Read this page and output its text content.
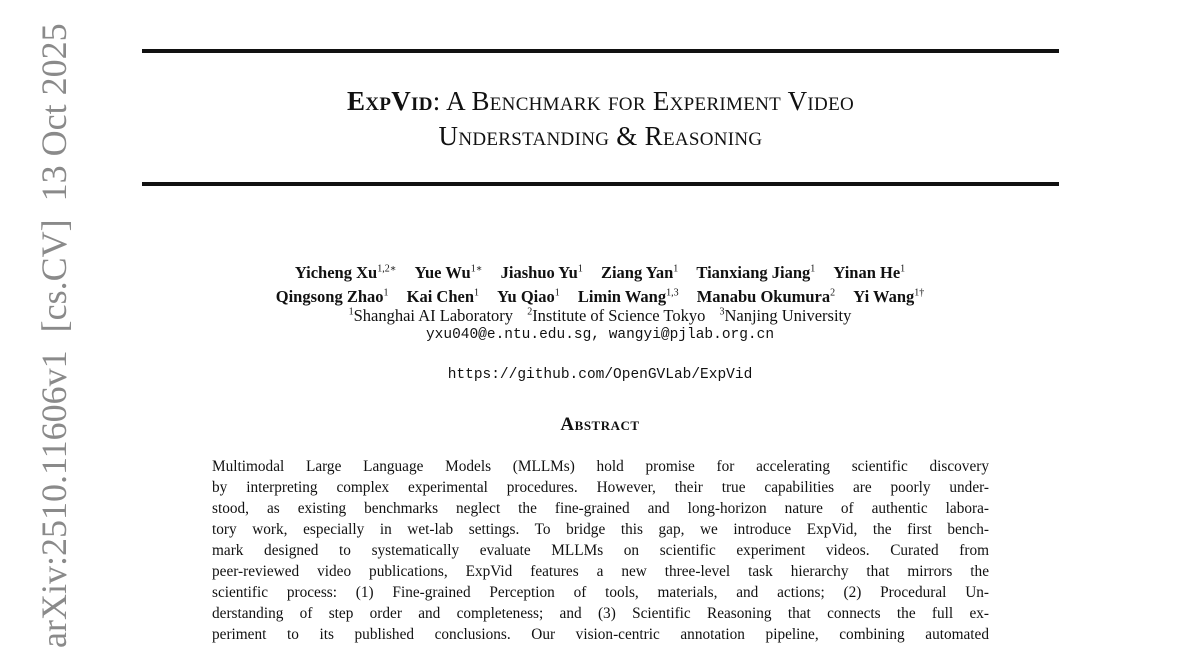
ExpVid: A Benchmark for Experiment Video
Understanding & Reasoning
Yicheng $Xu^{1,2∗}$ Yue $Wu^{1∗}$ Jiashuo Yu$^1$ Ziang Yan$^1$ Tianxiang Jiang$^1$ Yinan He$^1$
Qingsong Zhao$^1$ Kai Chen$^1$ Yu Qiao$^1$ Limin Wang$^{1,3}$ Manabu Okumura$^2$ Yi Wang$^{1\dagger}$
$^1$Shanghai AI Laboratory $^2$Institute of Science Tokyo $^3$Nanjing University
yxu040@e.ntu.edu.sg, wangyi@pjlab.org.cn
https://github.com/OpenGVLab/ExpVid
Abstract
Multimodal Large Language Models (MLLMs) hold promise for accelerating scientific discovery
by interpreting complex experimental procedures. However, their true capabilities are poorly under-
stood, as existing benchmarks neglect the fine-grained and long-horizon nature of authentic labora-
tory work, especially in wet-lab settings. To bridge this gap, we introduce ExpVid, the first bench-
mark designed to systematically evaluate MLLMs on scientific experiment videos. Curated from
peer-reviewed video publications, ExpVid features a new three-level task hierarchy that mirrors the
scientific process: (1) Fine-grained Perception of tools, materials, and actions; (2) Procedural Un-
derstanding of step order and completeness; and (3) Scientific Reasoning that connects the full ex-
periment to its published conclusions. Our vision-centric annotation pipeline, combining automated
arXiv:2510.11606v1  [cs.CV]  13 Oct 2025
